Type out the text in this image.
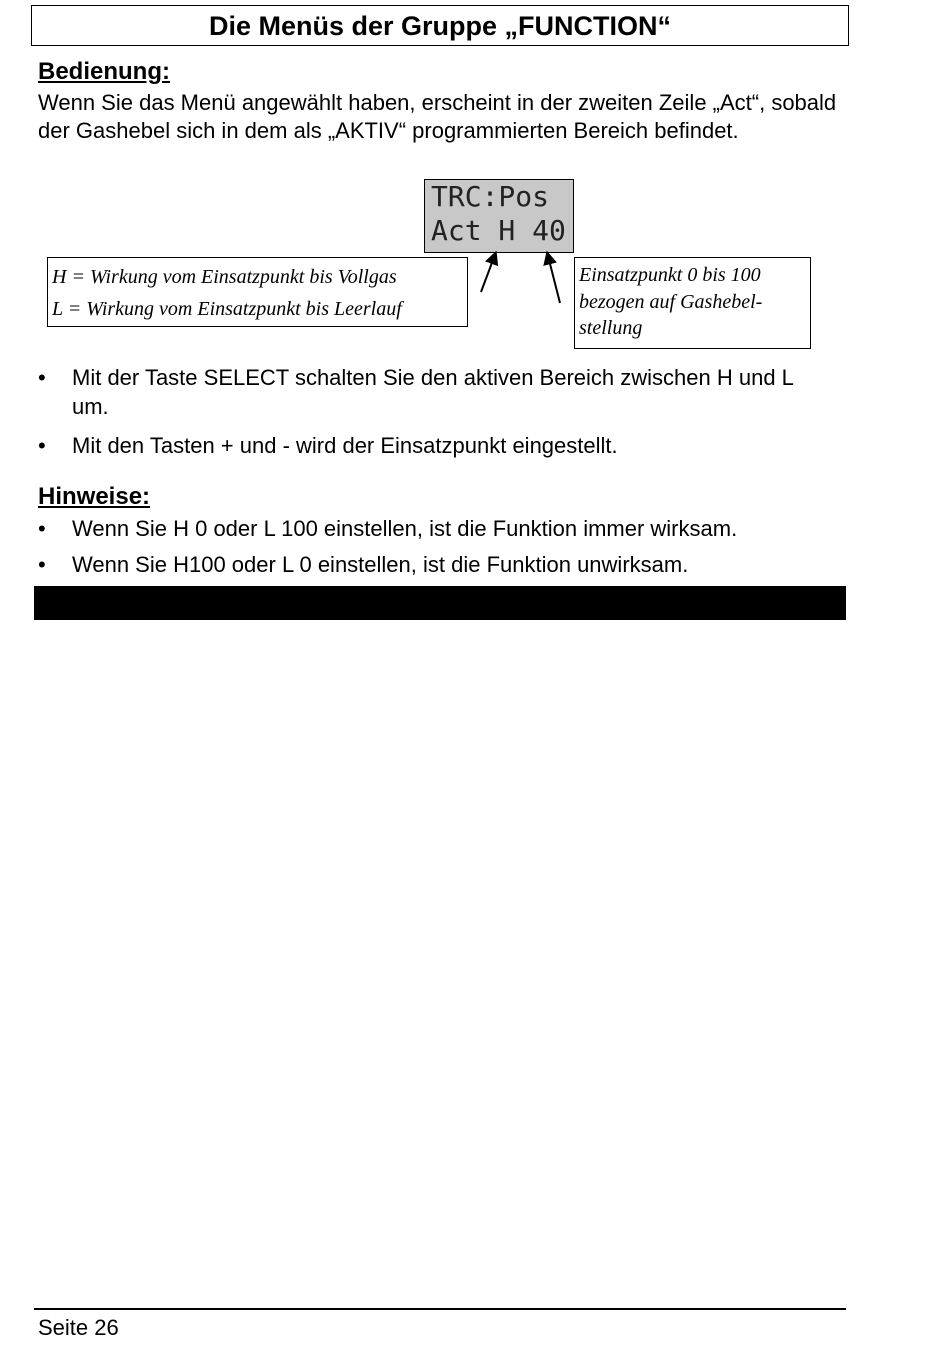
Die Menüs der Gruppe „FUNCTION“
Bedienung:
Wenn Sie das Menü angewählt haben, erscheint in der zweiten Zeile „Act“, sobald der Gashebel sich in dem als „AKTIV“ programmierten Bereich befindet.
TRC:Pos
Act H 40
H = Wirkung vom Einsatzpunkt bis Vollgas
L = Wirkung vom Einsatzpunkt bis Leerlauf
Einsatzpunkt 0 bis 100 bezogen auf Gashebel-stellung
• Mit der Taste SELECT schalten Sie den aktiven Bereich zwischen H und L um.
• Mit den Tasten + und - wird der Einsatzpunkt eingestellt.
Hinweise:
• Wenn Sie H 0 oder L 100 einstellen, ist die Funktion immer wirksam.
• Wenn Sie H100 oder L 0 einstellen, ist die Funktion unwirksam.
Seite 26
